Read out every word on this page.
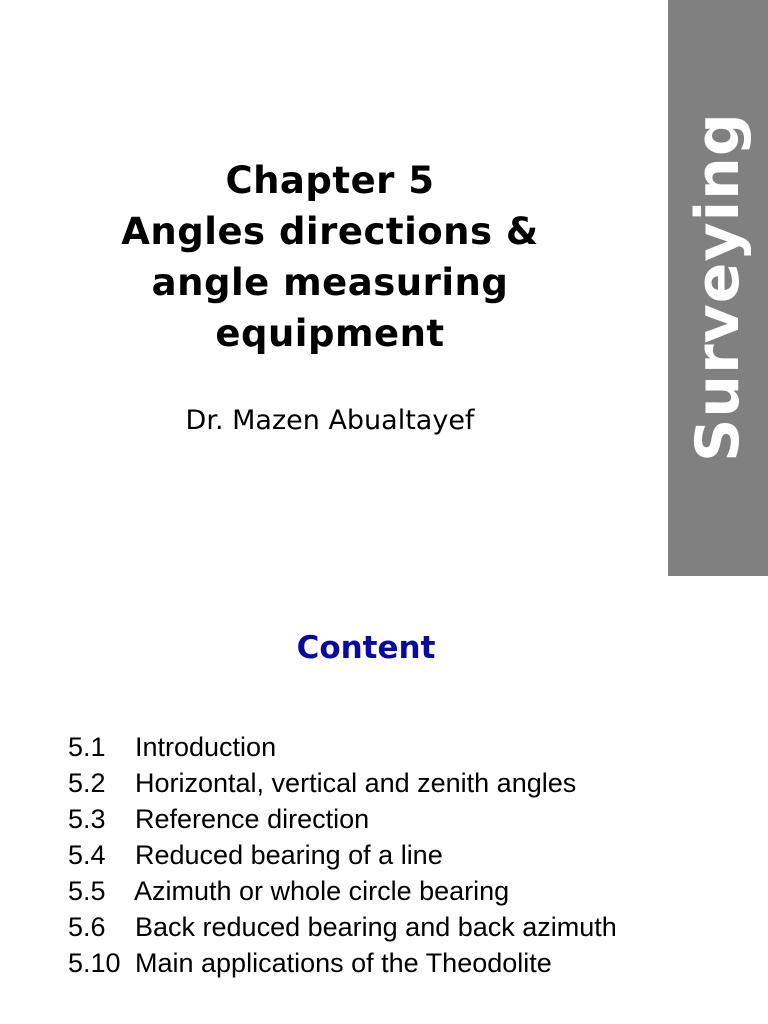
Surveying
Chapter 5
Angles directions &
angle measuring
equipment
Dr. Mazen Abualtayef
Content
5.1	Introduction
5.2	Horizontal, vertical and zenith angles
5.3	Reference direction
5.4	Reduced bearing of a line
5.5	Azimuth or whole circle bearing
5.6	Back reduced bearing and back azimuth
5.10 Main applications of the Theodolite
